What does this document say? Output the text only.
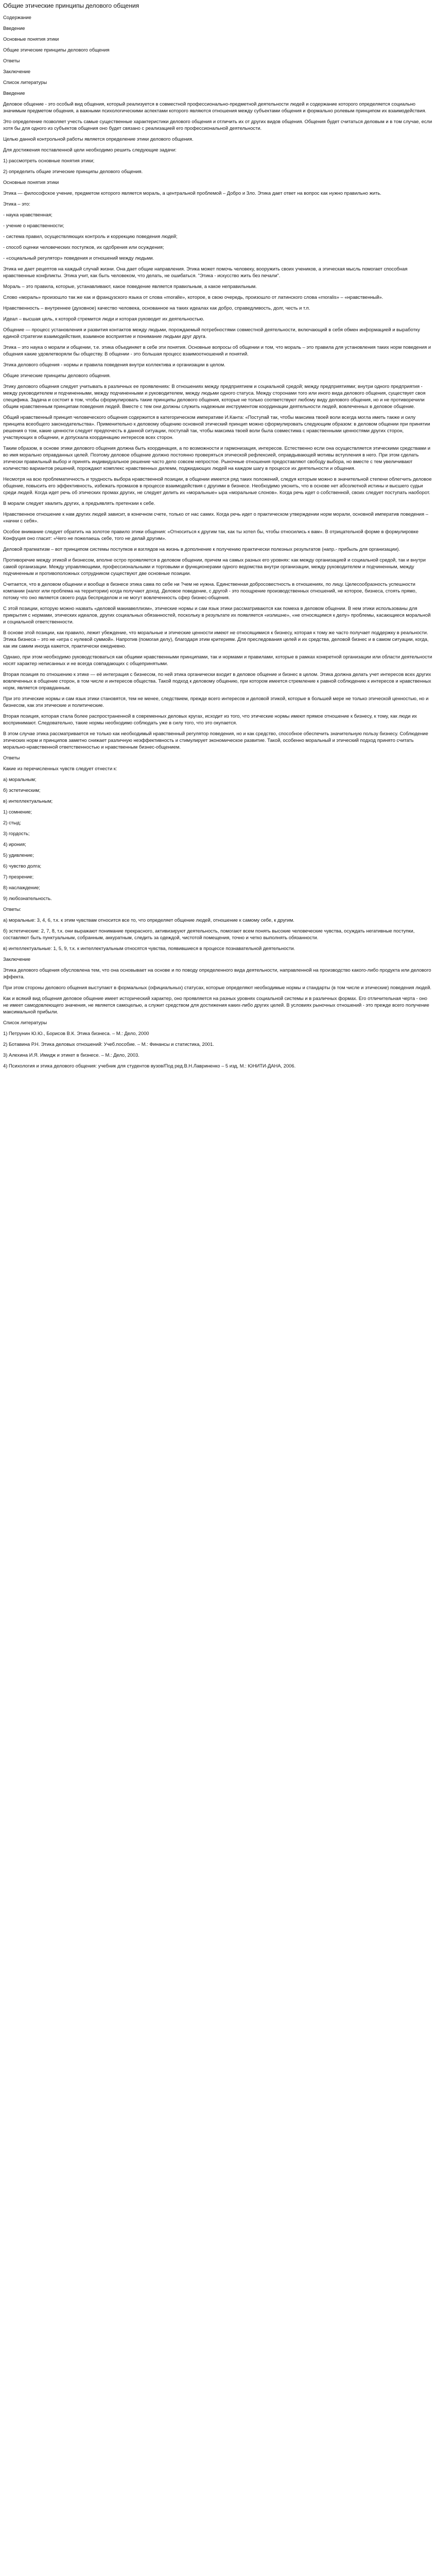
Общие этические принципы делового общения

Содержание

Введение

Основные понятия этики

Общие этические принципы делового общения

Ответы

Заключение

Список литературы

Введение

Деловое общение - это особый вид общения, который реализуется в совместной профессионально-предметной деятельности людей и содержание которого определяется социально значимым предметом общения, а важными психологическими аспектами которого являются отношения между субъектами общения и формально ролевым принципом их взаимодействия.

Это определение позволяет учесть самые существенные характеристики делового общения и отличить их от других видов общения. Общения будет считаться деловым и в том случае, если хотя бы для одного из субъектов общения оно будет связано с реализацией его профессиональной деятельности.

Целью данной контрольной работы является определение этики делового общения.

Для достижения поставленной цели необходимо решить следующие задачи:

1) рассмотреть основные понятия этики;

2) определить общие этические принципы делового общения.

Основные понятия этики

Этика — философское учение, предметом которого является мораль, а центральной проблемой – Добро и Зло. Этика дает ответ на вопрос как нужно правильно жить.

Этика – это:

- наука нравственная;

- учение о нравственности;

- система правил, осуществляющих контроль и коррекцию поведения людей;

- способ оценки человеческих поступков, их одобрения или осуждения;

- «социальный регулятор» поведения и отношений между людьми.

Этика не дает рецептов на каждый случай жизни. Она дает общие направления. Этика может помочь человеку, вооружить своих учеников, а этическая мысль помогает способная нравственные конфликты. Этика учит, как быть человеком, что делать, не ошибаться. "Этика - искусство жить без печали".

Мораль – это правила, которые, устанавливают, какое поведение является правильным, а какое неправильным.

Слово «мораль» произошло так же как и французского языка от слова «moralle», которое, в свою очередь, произошло от латинского слова «moralis» – «нравственный».

Нравственность – внутреннее (духовное) качество человека, основанное на таких идеалах как добро, справедливость, долг, честь и т.п.

Идеал – высшая цель, к которой стремится люди и которая руководит их деятельностью.

Общение — процесс установления и развития контактов между людьми, порождаемый потребностями совместной деятельности, включающий в себя обмен информацией и выработку единой стратегии взаимодействия, взаимное восприятие и понимание людьми друг друга.

Этика – это наука о морали и общении, т.е. этика объединяет в себе эти понятия. Основные вопросы об общении и том, что мораль – это правила для установления таких норм поведения и общения какие удовлетворяли бы обществу. В общении - это большая процесс взаимоотношений и понятий.

Этика делового общения - нормы и правила поведения внутри коллектива и организации в целом.

Общие этические принципы делового общения.

Этику делового общения следует учитывать в различных ее проявлениях: В отношениях между предприятием и социальной средой; между предприятиями; внутри одного предприятия - между руководителем и подчиненными, между подчиненными и руководителем, между людьми одного статуса. Между сторонами того или иного вида делового общения, существует своя специфика. Задача и состоит в том, чтобы сформулировать такие принципы делового общения, которые не только соответствуют любому виду делового общения, но и не противоречили общим нравственным принципам поведения людей. Вместе с тем они должны служить надежным инструментом координации деятельности людей, вовлеченных в деловое общение.

Общий нравственный принцип человеческого общения содержится в категорическом императиве И.Канта: «Поступай так, чтобы максима твоей воли всегда могла иметь также и силу принципа всеобщего законодательства». Применительно к деловому общению основной этический принцип можно сформулировать следующим образом: в деловом общении при принятии решения о том, какие ценности следует предпочесть в данной ситуации, поступай так, чтобы максима твоей воли была совместима с нравственными ценностями других сторон, участвующих в общении, и допускала координацию интересов всех сторон.

Таким образом, в основе этики делового общения должна быть координация, а по возможности и гармонизация, интересов. Естественно если она осуществляется этическими средствами и во имя морально оправданных целей. Поэтому деловое общение должно постоянно проверяться этической рефлексией, оправдывающей мотивы вступления в него. При этом сделать этически правильный выбор и принять индивидуальное решение часто дело совсем непростое. Рыночные отношения предоставляют свободу выбора, но вместе с тем увеличивают количество вариантов решений, порождают комплекс нравственных дилемм, поджидающих людей на каждом шагу в процессе их деятельности и общения.

Несмотря на всю проблематичность и трудность выбора нравственной позиции, в общении имеется ряд таких положений, следуя которым можно в значительной степени облегчить деловое общение, повысить его эффективность, избежать промахов в процессе взаимодействия с другими в бизнесе. Необходимо уяснить, что в основе нет абсолютной истины и высшего судьи среди людей. Когда идет речь об этических промах других, не следует делить их «моральные» ыра «моральные слонов». Когда речь идет о собственной, своих следует поступать наоборот.

В морали следует хвалить других, а предъявлять претензии к себе.

Нравственное отношение к нам других людей зависит, в конечном счете, только от нас самих. Когда речь идет о практическом утверждении норм морали, основной императив поведения – «начни с себя».

Особое внимание следует обратить на золотое правило этики общения: «Относиться к другим так, как ты хотел бы, чтобы относились к вам». В отрицательной форме в формулировке Конфуция оно гласит: «Чего не пожелаешь себе, того не делай другим».

Деловой прагматизм – вот принципом системы поступков и взглядов на жизнь в дополнение к получению практически полезных результатов (напр.- прибыль для организации).

Противоречие между этикой и бизнесом, вполне остро проявляется в деловом общении, причем на самых разных его уровнях: как между организацией и социальной средой, так и внутри самой организации. Между управляющими, профессиональными и торговыми и функционерами одного ведомства внутри организации, между руководителем и подчиненным, между подчиненным и противоположных сотрудником существуют две основные позиции.

Считается, что в деловом общении и вообще в бизнесе этика сама по себе ни ?чем не нужна. Единственная добросовестность в отношениях, по лицу. Целесообразность успешности компании (налог или проблема на территории) когда получают доход. Деловое поведение, с другой - это поощрение производственных отношений, не которое, бизнеса, стоять прямо, потому что оно является своего рода беспределом и не могут вовлеченность сфер бизнес-общения.

С этой позиции, которую можно назвать «деловой макиавеллизм», этические нормы и сам язык этики рассматриваются как помеха в деловом общении. В нем этики использованы для прикрытия с нормами, этических идеалов, других социальных обязанностей, поскольку в результате их появляется «излишне», «не относящимся к делу» проблемы, касающиеся моральной и социальной ответственности.

В основе этой позиции, как правило, лежит убеждение, что моральные и этические ценности имеют не относящимися к бизнесу, которая к тому же часто получает поддержку в реальности. Этика бизнеса – это не «игра с нулевой суммой». Напротив (помогая делу), благодаря этим критериям. Для преследования целей и их средства, деловой бизнес и в самом ситуации, когда, как им самим иногда кажется, практически ежедневно.

Однако, при этом необходимо руководствоваться как общими нравственными принципами, так и нормами и правилами, которые в рамках конкретной организации или области деятельности носят характер неписанных и не всегда совпадающих с общепринятыми.

Вторая позиция по отношению к этике — её интеграция с бизнесом, по ней этика органически входит в деловое общение и бизнес в целом. Этика должна делать учет интересов всех других вовлеченных в общение сторон, в том числе и интересов общества. Такой подход к деловому общению, при котором имеется стремление к равной соблюдению к интересов и нравственных норм, является оправданным.

При это этические нормы и сам язык этики становятся, тем не менее, следствием, прежде всего интересов и деловой этикой, которые в большей мере не только этической ценностью, но и бизнесом, как эти этические и политические.

Вторая позиция, которая стала более распространенной в современных деловых кругах, исходит из того, что этические нормы имеют прямое отношение к бизнесу, к тому, как люди их воспринимают. Следовательно, такие нормы необходимо соблюдать уже в силу того, что это окупается.

В этом случае этика рассматривается не только как необходимый нравственный регулятор поведения, но и как средство, способное обеспечить значительную пользу бизнесу. Соблюдение этических норм и принципов заметно снижает различную неэффективность и стимулирует экономическое развитие. Такой, особенно моральный и этический подход принято считать морально-нравственной ответственностью и нравственным бизнес-общением.

Ответы

Какие из перечисленных чувств следует отнести к:

а) моральным;

б) эстетическим;

в) интеллектуальным;

1) сомнение;

2) стыд;

3) гордость;

4) ирония;

5) удивление;

6) чувство долга;

7) презрение;

8) наслаждение;

9) любознательность.

Ответы:

а) моральные: 3, 4, 6, т.к. к этим чувствам относится все то, что определяет общение людей, отношение к самому себе, к другим.

б) эстетические: 2, 7, 8, т.к. они выражают понимание прекрасного, активизируют деятельность, помогают всем понять высокие человеческие чувства, осуждать негативные поступки, составляют быть пунктуальным, собранным, аккуратным, следить за одеждой, чистотой помещения, точно и четко выполнять обязанности.

в) интеллектуальные: 1, 5, 9, т.к. к интеллектуальным относятся чувства, появившиеся в процессе познавательной деятельности.

Заключение

Этика делового общения обусловлена тем, что она основывает на основе и по поводу определенного вида деятельности, направленной на производство какого-либо продукта или делового эффекта.

При этом стороны делового общения выступают в формальных (официальных) статусах, которые определяют необходимые нормы и стандарты (в том числе и этические) поведения людей.

Как и всякий вид общения деловое общение имеет исторический характер, оно проявляется на разных уровнях социальной системы и в различных формах. Его отличительная черта - оно не имеет самодовлеющего значения, не является самоцелью, а служит средством для достижения каких-либо других целей. В условиях рыночных отношений - это прежде всего получение максимальной прибыли.

Список литературы

1) Петрунин Ю.Ю., Борисов В.К. Этика бизнеса. – М.: Дело, 2000

2) Ботавина Р.Н. Этика деловых отношений: Учеб.пособие. – М.: Финансы и статистика, 2001.

3) Алехина И.Я. Имидж и этикет в бизнесе. – М.: Дело, 2003.

4) Психология и этика делового общения: учебник для студентов вузов/Под ред.В.Н.Лавриненко – 5 изд, М.: ЮНИТИ-ДАНА, 2006.
